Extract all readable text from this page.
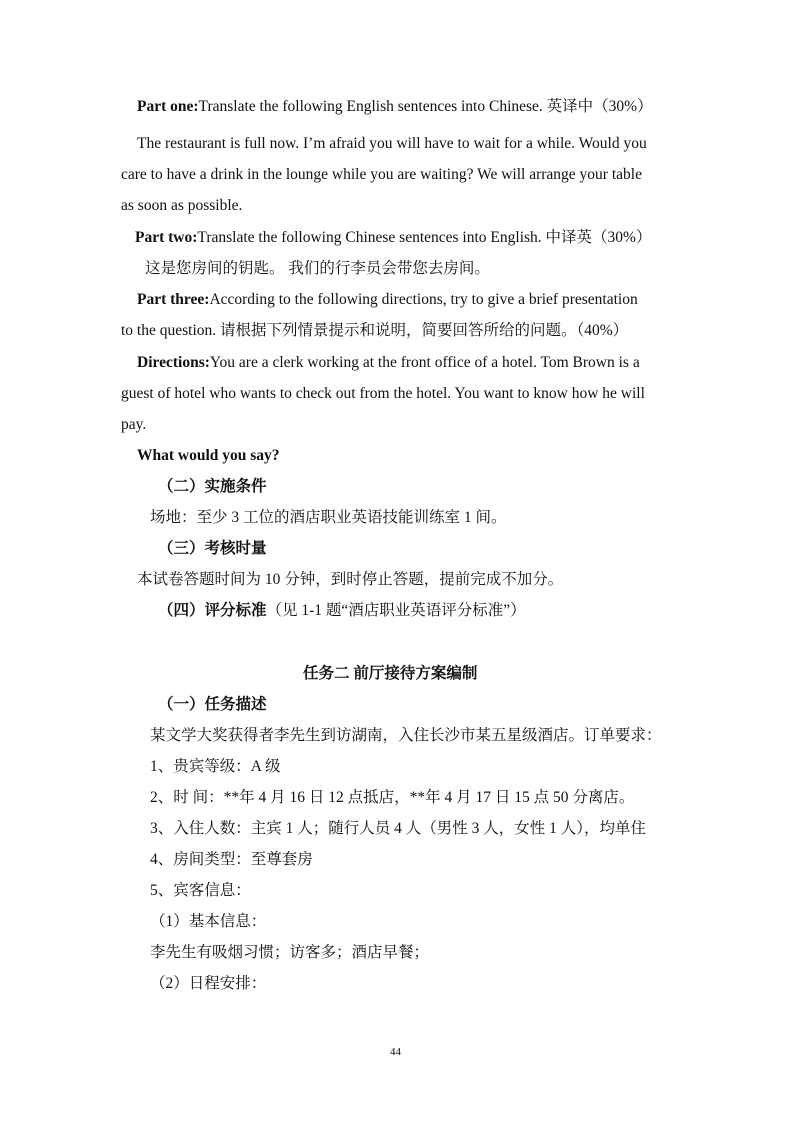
Part one:Translate the following English sentences into Chinese. 英译中（30%）
The restaurant is full now. I’m afraid you will have to wait for a while. Would you
care to have a drink in the lounge while you are waiting? We will arrange your table
as soon as possible.
Part two:Translate the following Chinese sentences into English. 中译英（30%）
这是您房间的钥匙。 我们的行李员会带您去房间。
Part three:According to the following directions, try to give a brief presentation
to the question. 请根据下列情景提示和说明，简要回答所给的问题。（40%）
Directions:You are a clerk working at the front office of a hotel. Tom Brown is a
guest of hotel who wants to check out from the hotel. You want to know how he will
pay.
What would you say?
（二）实施条件
场地：至少 3 工位的酒店职业英语技能训练室 1 间。
（三）考核时量
本试卷答题时间为 10 分钟，到时停止答题，提前完成不加分。
（四）评分标准（见 1-1 题“酒店职业英语评分标准”）
任务二 前厅接待方案编制
（一）任务描述
某文学大奖获得者李先生到访湖南，入住长沙市某五星级酒店。订单要求：
1、贵宾等级：A 级
2、时 间：**年 4 月 16 日 12 点抵店，**年 4 月 17 日 15 点 50 分离店。
3、入住人数：主宾 1 人；随行人员 4 人（男性 3 人，女性 1 人），均单住
4、房间类型：至尊套房
5、宾客信息：
（1）基本信息：
李先生有吸烟习惯；访客多；酒店早餐；
（2）日程安排：
44
